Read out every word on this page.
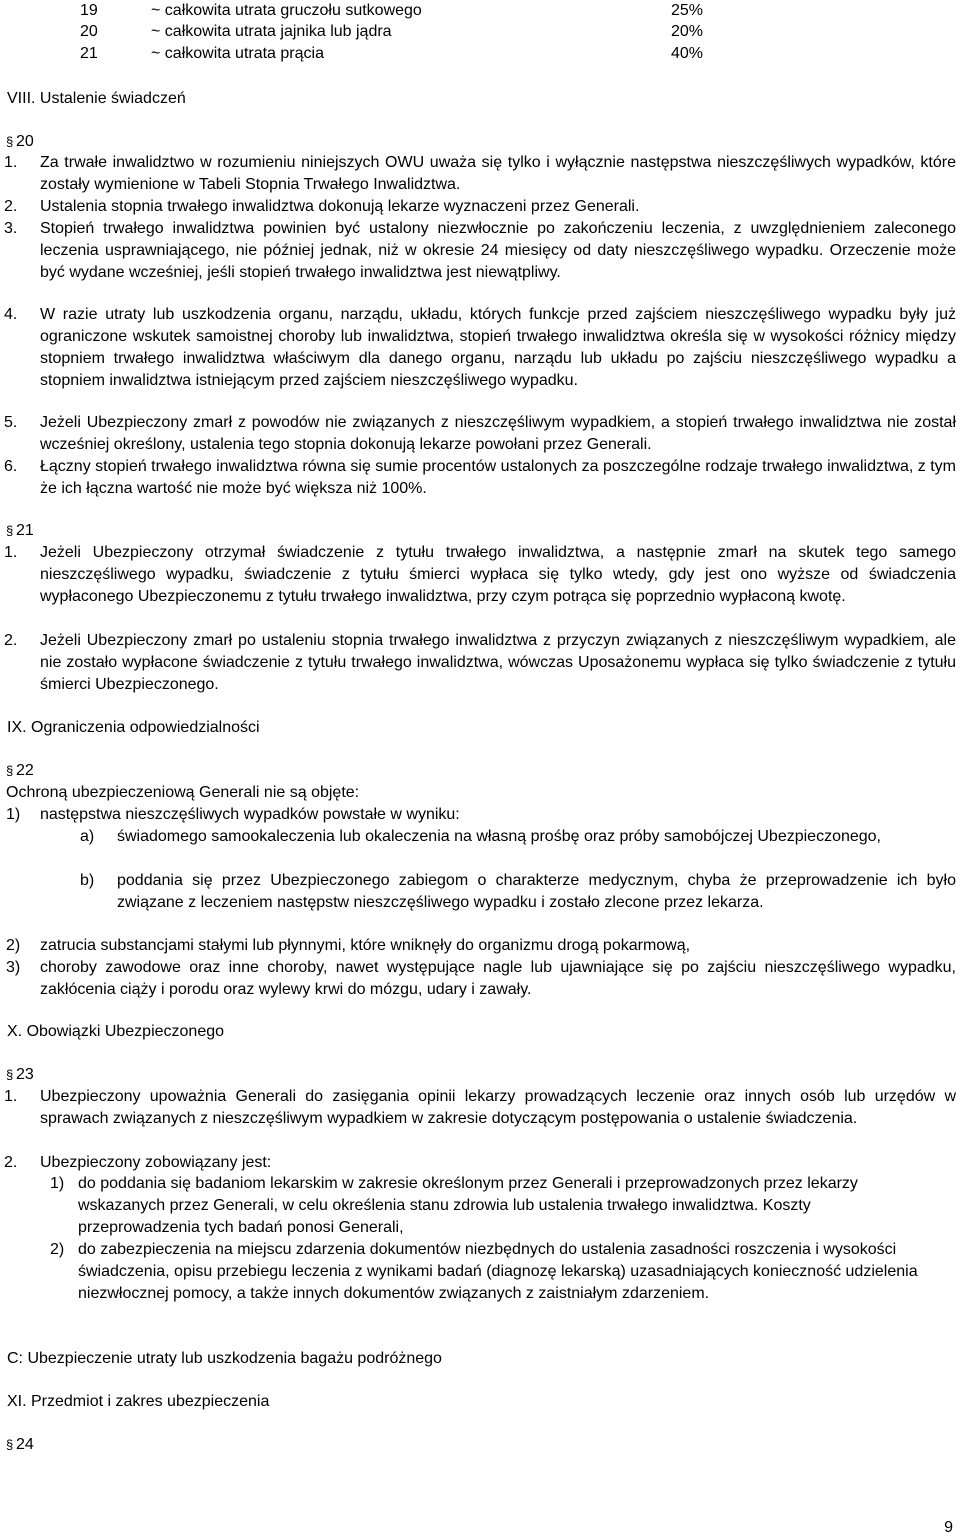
19	~ całkowita utrata gruczołu sutkowego	25%
20	~ całkowita utrata jajnika lub jądra	20%
21	~ całkowita utrata prącia	40%
VIII. Ustalenie świadczeń
§ 20
1. Za trwałe inwalidztwo w rozumieniu niniejszych OWU uważa się tylko i wyłącznie następstwa nieszczęśliwych wypadków, które zostały wymienione w Tabeli Stopnia Trwałego Inwalidztwa.
2. Ustalenia stopnia trwałego inwalidztwa dokonują lekarze wyznaczeni przez Generali.
3. Stopień trwałego inwalidztwa powinien być ustalony niezwłocznie po zakończeniu leczenia, z uwzględnieniem zaleconego leczenia usprawniającego, nie później jednak, niż w okresie 24 miesięcy od daty nieszczęśliwego wypadku. Orzeczenie może być wydane wcześniej, jeśli stopień trwałego inwalidztwa jest niewątpliwy.
4. W razie utraty lub uszkodzenia organu, narządu, układu, których funkcje przed zajściem nieszczęśliwego wypadku były już ograniczone wskutek samoistnej choroby lub inwalidztwa, stopień trwałego inwalidztwa określa się w wysokości różnicy między stopniem trwałego inwalidztwa właściwym dla danego organu, narządu lub układu po zajściu nieszczęśliwego wypadku a stopniem inwalidztwa istniejącym przed zajściem nieszczęśliwego wypadku.
5. Jeżeli Ubezpieczony zmarł z powodów nie związanych z nieszczęśliwym wypadkiem, a stopień trwałego inwalidztwa nie został wcześniej określony, ustalenia tego stopnia dokonują lekarze powołani przez Generali.
6. Łączny stopień trwałego inwalidztwa równa się sumie procentów ustalonych za poszczególne rodzaje trwałego inwalidztwa, z tym że ich łączna wartość nie może być większa niż 100%.
§ 21
1. Jeżeli Ubezpieczony otrzymał świadczenie z tytułu trwałego inwalidztwa, a następnie zmarł na skutek tego samego nieszczęśliwego wypadku, świadczenie z tytułu śmierci wypłaca się tylko wtedy, gdy jest ono wyższe od świadczenia wypłaconego Ubezpieczonemu z tytułu trwałego inwalidztwa, przy czym potrąca się poprzednio wypłaconą kwotę.
2. Jeżeli Ubezpieczony zmarł po ustaleniu stopnia trwałego inwalidztwa z przyczyn związanych z nieszczęśliwym wypadkiem, ale nie zostało wypłacone świadczenie z tytułu trwałego inwalidztwa, wówczas Uposażonemu wypłaca się tylko świadczenie z tytułu śmierci Ubezpieczonego.
IX. Ograniczenia odpowiedzialności
§ 22
Ochroną ubezpieczeniową Generali nie są objęte:
1) następstwa nieszczęśliwych wypadków powstałe w wyniku:
a) świadomego samookaleczenia lub okaleczenia na własną prośbę oraz próby samobójczej Ubezpieczonego,
b) poddania się przez Ubezpieczonego zabiegom o charakterze medycznym, chyba że przeprowadzenie ich było związane z leczeniem następstw nieszczęśliwego wypadku i zostało zlecone przez lekarza.
2) zatrucia substancjami stałymi lub płynnymi, które wniknęły do organizmu drogą pokarmową,
3) choroby zawodowe oraz inne choroby, nawet występujące nagle lub ujawniające się po zajściu nieszczęśliwego wypadku, zakłócenia ciąży i porodu oraz wylewy krwi do mózgu, udary i zawały.
X. Obowiązki Ubezpieczonego
§ 23
1. Ubezpieczony upoważnia Generali do zasięgania opinii lekarzy prowadzących leczenie oraz innych osób lub urzędów w sprawach związanych z nieszczęśliwym wypadkiem w zakresie dotyczącym postępowania o ustalenie świadczenia.
2. Ubezpieczony zobowiązany jest:
1) do poddania się badaniom lekarskim w zakresie określonym przez Generali i przeprowadzonych przez lekarzy wskazanych przez Generali, w celu określenia stanu zdrowia lub ustalenia trwałego inwalidztwa. Koszty przeprowadzenia tych badań ponosi Generali,
2) do zabezpieczenia na miejscu zdarzenia dokumentów niezbędnych do ustalenia zasadności roszczenia i wysokości świadczenia, opisu przebiegu leczenia z wynikami badań (diagnozę lekarską) uzasadniających konieczność udzielenia niezwłocznej pomocy, a także innych dokumentów związanych z zaistniałym zdarzeniem.
C: Ubezpieczenie utraty lub uszkodzenia bagażu podróżnego
XI. Przedmiot i zakres ubezpieczenia
§ 24
9
